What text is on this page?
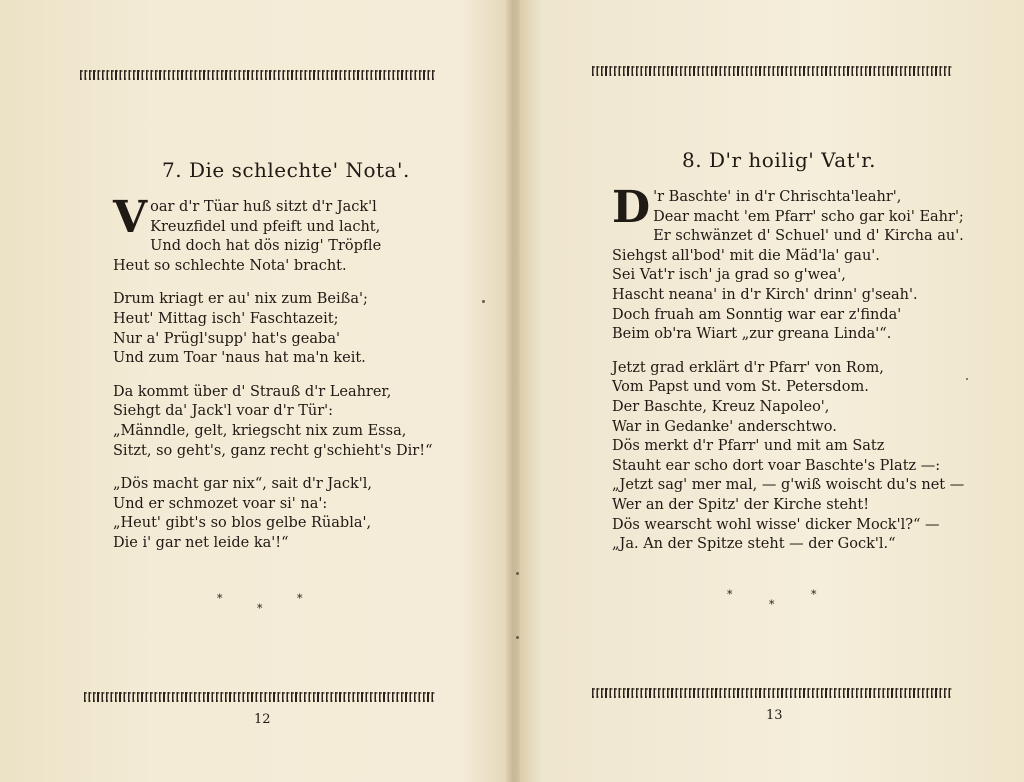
7. Die schlechte' Nota'.
V oar d'r Tüar huß sitzt d'r Jack'l
Kreuzfidel und pfeift und lacht,
Und doch hat dös nizig' Tröpfle
Heut so schlechte Nota' bracht.
Drum kriagt er au' nix zum Beißa';
Heut' Mittag isch' Faschtazeit;
Nur a' Prügl'supp' hat's geaba'
Und zum Toar 'naus hat ma'n keit.
Da kommt über d' Strauß d'r Leahrer,
Siehgt da' Jack'l voar d'r Tür':
„Männdle, gelt, kriegscht nix zum Essa,
Sitzt, so geht's, ganz recht g'schieht's Dir!“
„Dös macht gar nix“, sait d'r Jack'l,
Und er schmozet voar si' na':
„Heut' gibt's so blos gelbe Rüabla',
Die i' gar net leide ka'!“
*
*
*
12
8. D'r hoilig' Vat'r.
D 'r Baschte' in d'r Chrischta'leahr',
Dear macht 'em Pfarr' scho gar koi' Eahr';
Er schwänzet d' Schuel' und d' Kircha au'.
Siehgst all'bod' mit die Mäd'la' gau'.
Sei Vat'r isch' ja grad so g'wea',
Hascht neana' in d'r Kirch' drinn' g'seah'.
Doch fruah am Sonntig war ear z'finda'
Beim ob'ra Wiart „zur greana Linda'“.
Jetzt grad erklärt d'r Pfarr' von Rom,
Vom Papst und vom St. Petersdom.
Der Baschte, Kreuz Napoleo',
War in Gedanke' anderschtwo.
Dös merkt d'r Pfarr' und mit am Satz
Stauht ear scho dort voar Baschte's Platz —:
„Jetzt sag' mer mal, — g'wiß woischt du's net —
Wer an der Spitz' der Kirche steht!
Dös wearscht wohl wisse' dicker Mock'l?“ —
„Ja. An der Spitze steht — der Gock'l.“
*
*
*
13
